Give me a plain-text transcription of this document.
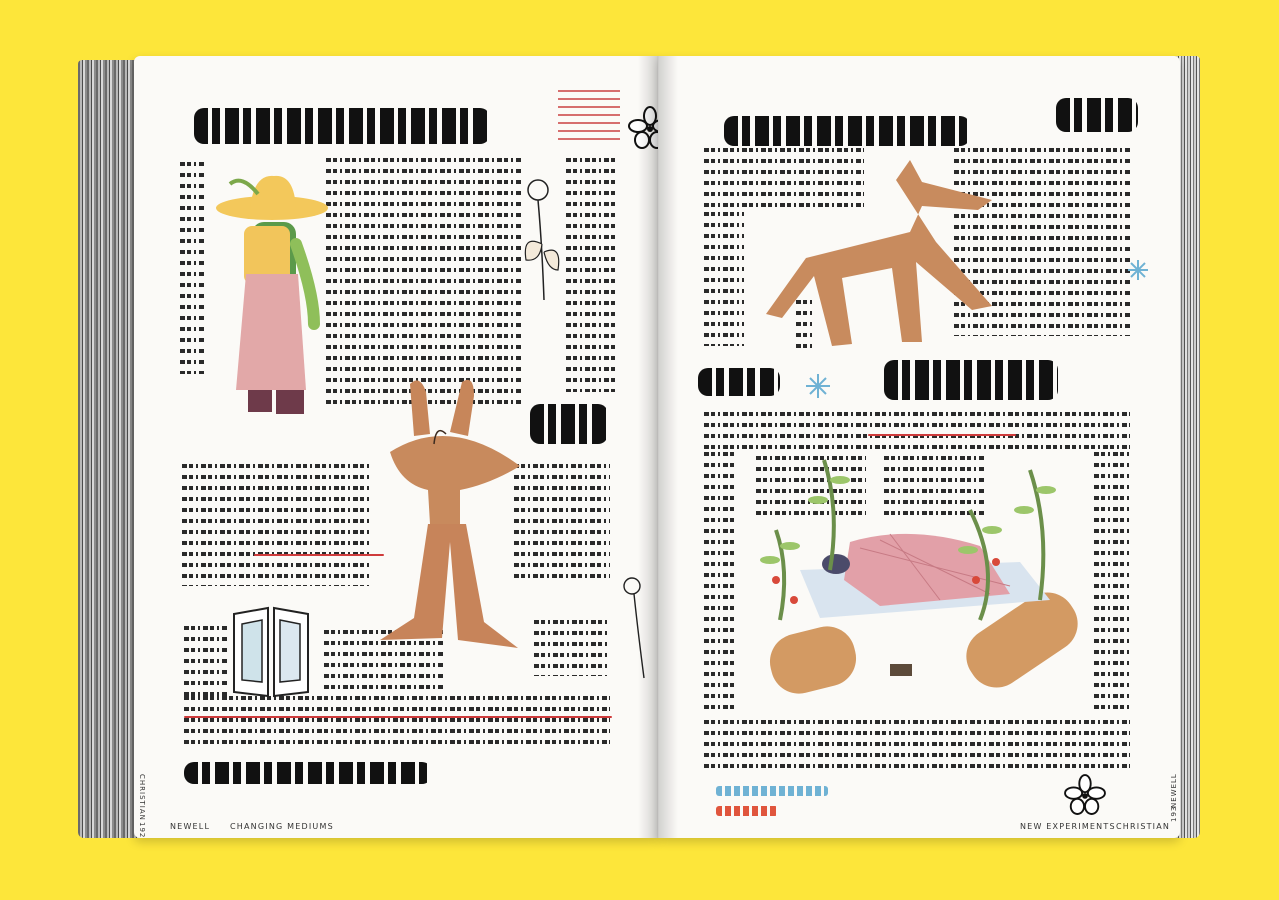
NEWELL CHANGING MEDIUMS
192
CHRISTIAN
NEW EXPERIMENTS CHRISTIAN
193
NEWELL
